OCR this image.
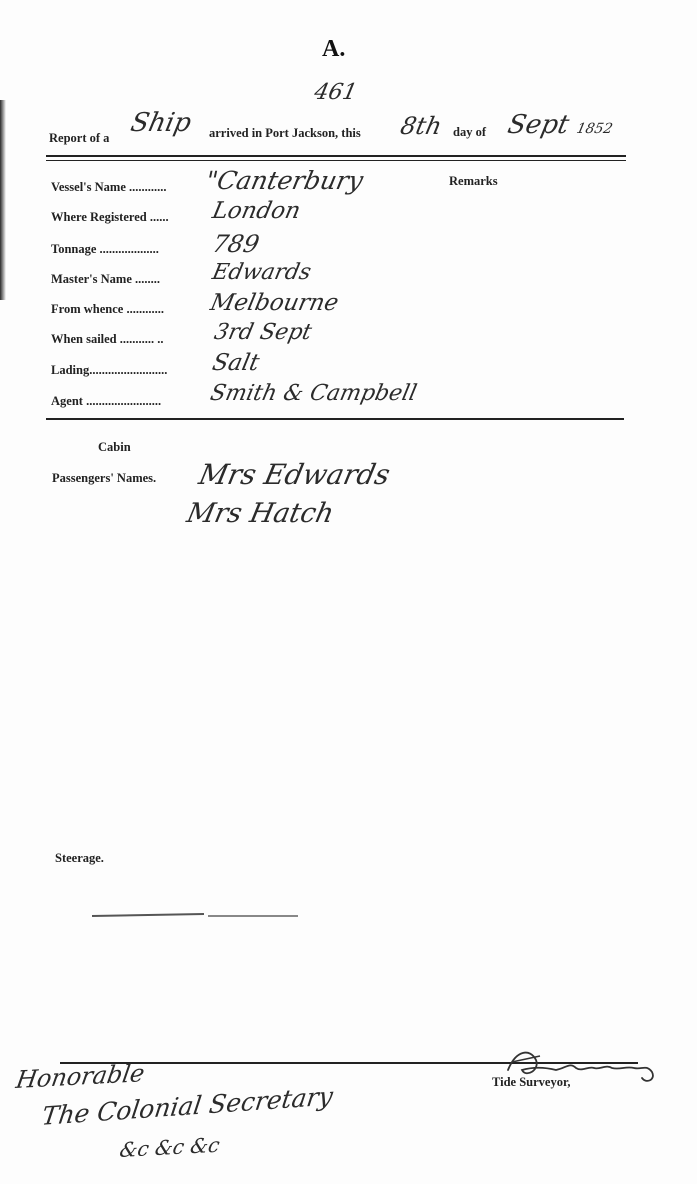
A.
461
Report of a Ship arrived in Port Jackson, this 8th day of Sept 1852
Remarks
Vessel's Name ............ "Canterbury
Where Registered ...... London
Tonnage ................... 789
Master's Name ........ Edwards
From whence ............ Melbourne
When sailed ........... .. 3rd Sept
Lading......................... Salt
Agent ........................ Smith & Campbell
Cabin
Passengers' Names. Mrs Edwards
Mrs Hatch
Steerage.
Tide Surveyor,
Honorable
The Colonial Secretary
&c &c &c
